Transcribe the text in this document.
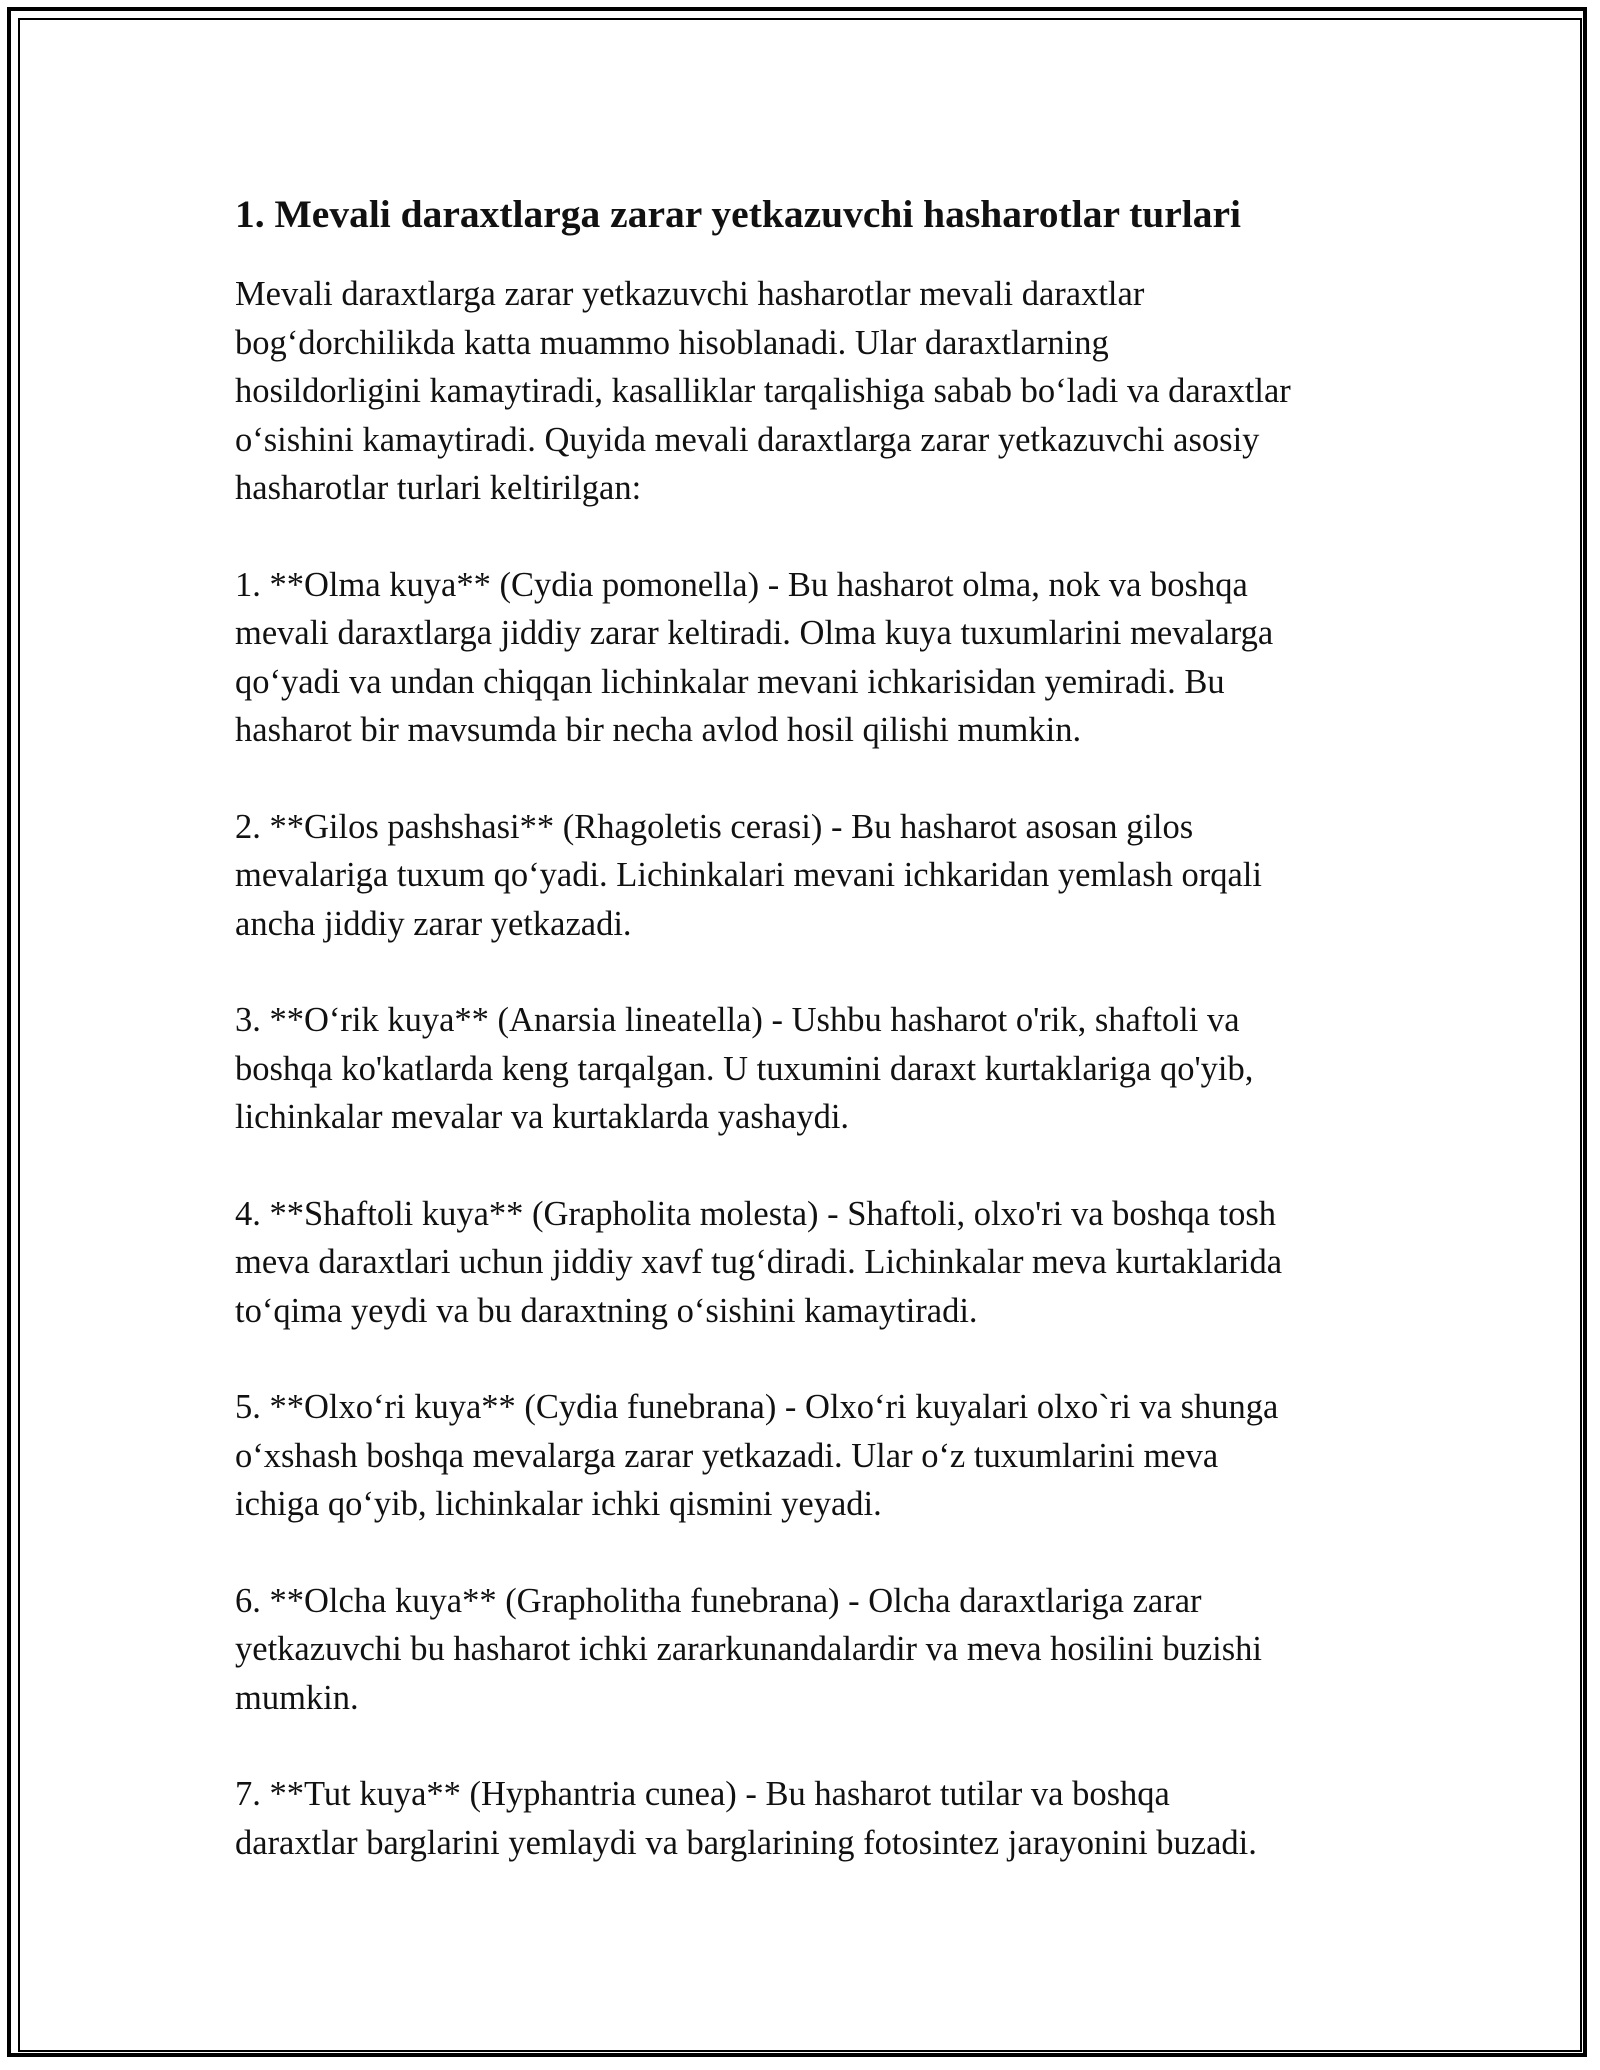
1. Mevali daraxtlarga zarar yetkazuvchi hasharotlar turlari

Mevali daraxtlarga zarar yetkazuvchi hasharotlar mevali daraxtlar
bog‘dorchilikda katta muammo hisoblanadi. Ular daraxtlarning
hosildorligini kamaytiradi, kasalliklar tarqalishiga sabab bo‘ladi va daraxtlar
o‘sishini kamaytiradi. Quyida mevali daraxtlarga zarar yetkazuvchi asosiy
hasharotlar turlari keltirilgan:

1. **Olma kuya** (Cydia pomonella) - Bu hasharot olma, nok va boshqa
mevali daraxtlarga jiddiy zarar keltiradi. Olma kuya tuxumlarini mevalarga
qo‘yadi va undan chiqqan lichinkalar mevani ichkarisidan yemiradi. Bu
hasharot bir mavsumda bir necha avlod hosil qilishi mumkin.

2. **Gilos pashshasi** (Rhagoletis cerasi) - Bu hasharot asosan gilos
mevalariga tuxum qo‘yadi. Lichinkalari mevani ichkaridan yemlash orqali
ancha jiddiy zarar yetkazadi.

3. **O‘rik kuya** (Anarsia lineatella) - Ushbu hasharot o'rik, shaftoli va
boshqa ko'katlarda keng tarqalgan. U tuxumini daraxt kurtaklariga qo'yib,
lichinkalar mevalar va kurtaklarda yashaydi.

4. **Shaftoli kuya** (Grapholita molesta) - Shaftoli, olxo'ri va boshqa tosh
meva daraxtlari uchun jiddiy xavf tug‘diradi. Lichinkalar meva kurtaklarida
to‘qima yeydi va bu daraxtning o‘sishini kamaytiradi.

5. **Olxo‘ri kuya** (Cydia funebrana) - Olxo‘ri kuyalari olxo`ri va shunga
o‘xshash boshqa mevalarga zarar yetkazadi. Ular o‘z tuxumlarini meva
ichiga qo‘yib, lichinkalar ichki qismini yeyadi.

6. **Olcha kuya** (Grapholitha funebrana) - Olcha daraxtlariga zarar
yetkazuvchi bu hasharot ichki zararkunandalardir va meva hosilini buzishi
mumkin.

7. **Tut kuya** (Hyphantria cunea) - Bu hasharot tutilar va boshqa
daraxtlar barglarini yemlaydi va barglarining fotosintez jarayonini buzadi.
